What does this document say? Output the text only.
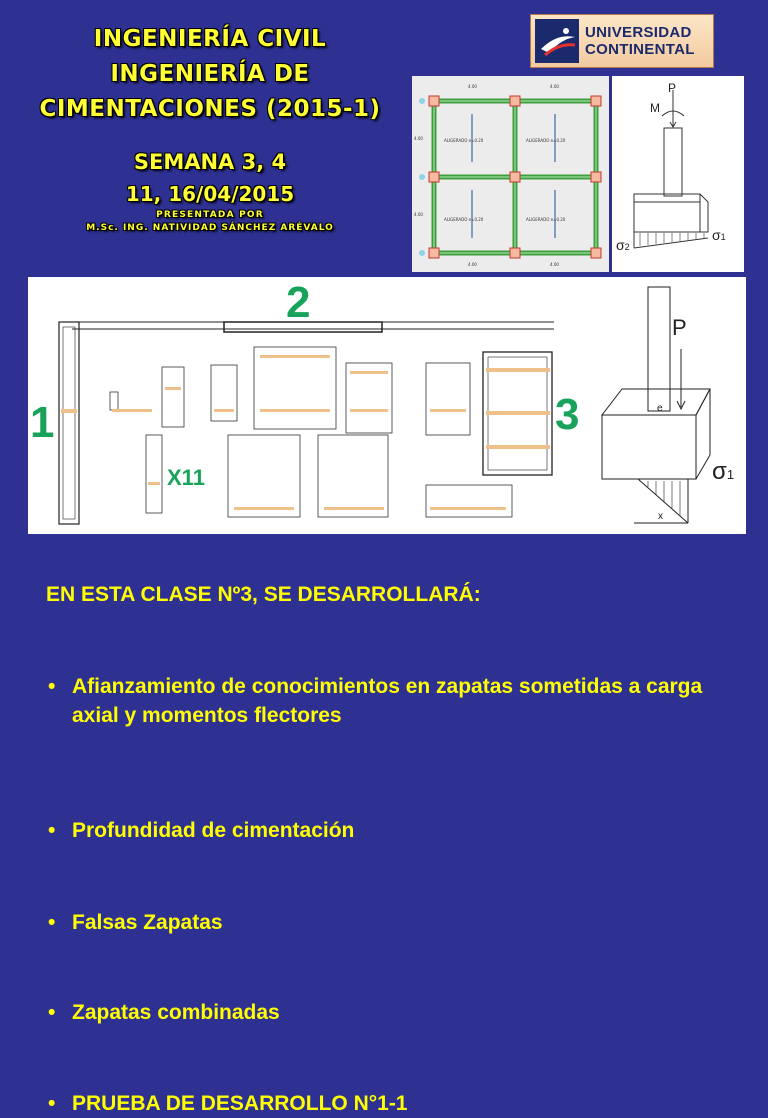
INGENIERÍA CIVIL
INGENIERÍA DE
CIMENTACIONES (2015-1)
SEMANA 3, 4
11, 16/04/2015
PRESENTADA POR
M.Sc. ING. NATIVIDAD SÁNCHEZ ARÉVALO
UNIVERSIDAD
CONTINENTAL
ALIGERADO e=0.20	ALIGERADO e=0.20
ALIGERADO e=0.20	ALIGERADO e=0.20
4.00	4.00
4.00	4.00
4.00
4.00
P
M
σ2
σ1
1
2
3
X11
P
e
σ1
x
EN ESTA CLASE Nº3, SE DESARROLLARÁ:
• Afianzamiento de conocimientos en zapatas sometidas a carga axial y momentos flectores
• Profundidad de cimentación
• Falsas Zapatas
• Zapatas combinadas
• PRUEBA DE DESARROLLO N°1-1
